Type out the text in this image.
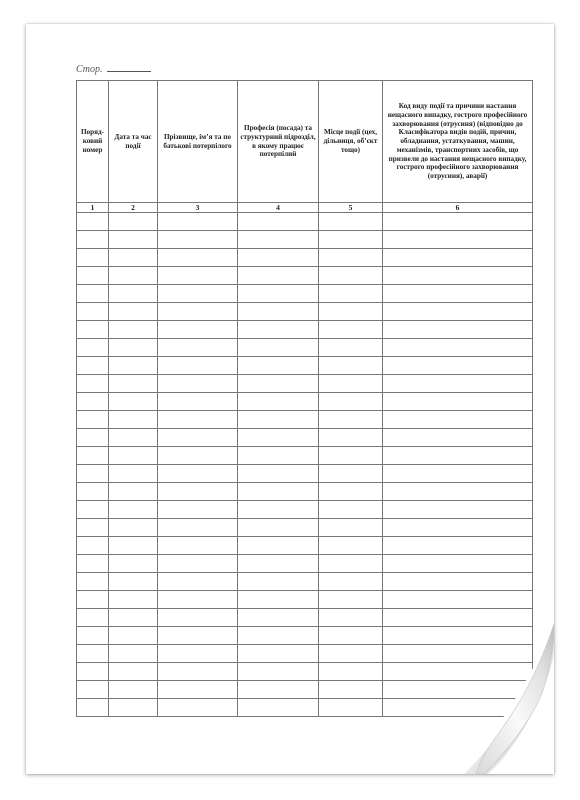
Стор.
Поряд-ковий номер	Дата та час події	Прізвище, ім’я та по батькові потерпілого	Професія (посада) та структурний підрозділ, в якому працює потерпілий	Місце події (цех, дільниця, об’єкт тощо)	Код виду події та причини настання нещасного випадку, гострого професійного захворювання (отрусиня) (відповідно до Класифікатора видів подій, причин, обладнання, устаткування, машин, механізмів, транспортних засобів, що призвели до настання нещасного випадку, гострого професійного захворювання (отрусиня), аварії)
1	2	3	4	5	6
